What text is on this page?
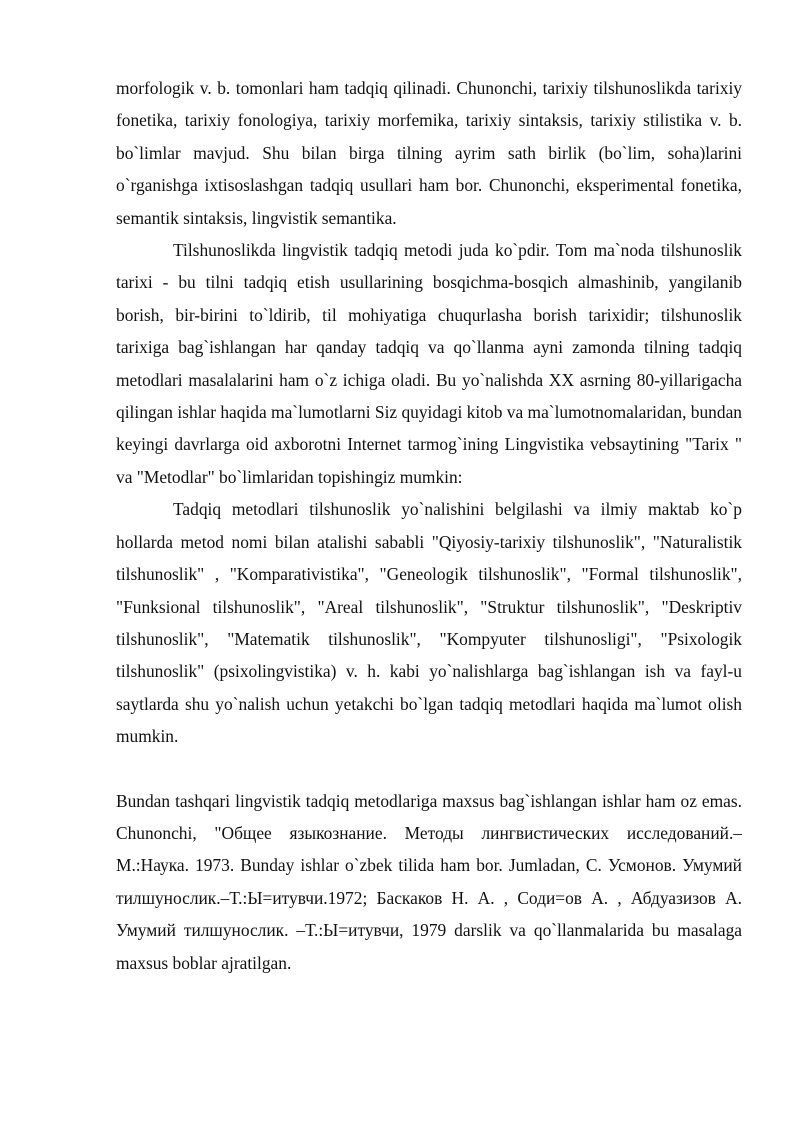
morfologik v. b. tomonlari ham tadqiq qilinadi. Chunonchi, tarixiy tilshunoslikda tarixiy fonetika, tarixiy fonologiya, tarixiy morfemika, tarixiy sintaksis, tarixiy stilistika v. b. bo`limlar mavjud. Shu bilan birga tilning ayrim sath birlik (bo`lim, soha)larini o`rganishga ixtisoslashgan tadqiq usullari ham bor. Chunonchi, eksperimental fonetika, semantik sintaksis, lingvistik semantika.

Tilshunoslikda lingvistik tadqiq metodi juda ko`pdir. Tom ma`noda tilshunoslik tarixi - bu tilni tadqiq etish usullarining bosqichma-bosqich almashinib, yangilanib borish, bir-birini to`ldirib, til mohiyatiga chuqurlasha borish tarixidir; tilshunoslik tarixiga bag`ishlangan har qanday tadqiq va qo`llanma ayni zamonda tilning tadqiq metodlari masalalarini ham o`z ichiga oladi. Bu yo`nalishda XX asrning 80-yillarigacha qilingan ishlar haqida ma`lumotlarni Siz quyidagi kitob va ma`lumotnomalaridan, bundan keyingi davrlarga oid axborotni Internet tarmog`ining Lingvistika vebsaytining "Tarix " va "Metodlar" bo`limlaridan topishingiz mumkin:

Tadqiq metodlari tilshunoslik yo`nalishini belgilashi va ilmiy maktab ko`p hollarda metod nomi bilan atalishi sababli "Qiyosiy-tarixiy tilshunoslik", "Naturalistik tilshunoslik" , "Komparativistika", "Geneologik tilshunoslik", "Formal tilshunoslik", "Funksional tilshunoslik", "Areal tilshunoslik", "Struktur tilshunoslik", "Deskriptiv tilshunoslik", "Matematik tilshunoslik", "Kompyuter tilshunosligi", "Psixologik tilshunoslik" (psixolingvistika) v. h. kabi yo`nalishlarga bag`ishlangan ish va fayl-u saytlarda shu yo`nalish uchun yetakchi bo`lgan tadqiq metodlari haqida ma`lumot olish mumkin.

Bundan tashqari lingvistik tadqiq metodlariga maxsus bag`ishlangan ishlar ham oz emas. Chunonchi, "Общее языкознание. Методы лингвистических исследований.– М.:Наука. 1973. Bunday ishlar o`zbek tilida ham bor. Jumladan, С. Усмонов. Умумий тилшунослик.–Т.:Ы=итувчи.1972; Баскаков Н. А. , Соди=ов А. , Абдуазизов А. Умумий тилшунослик. –Т.:Ы=итувчи, 1979 darslik va qo`llanmalarida bu masalaga maxsus boblar ajratilgan.
